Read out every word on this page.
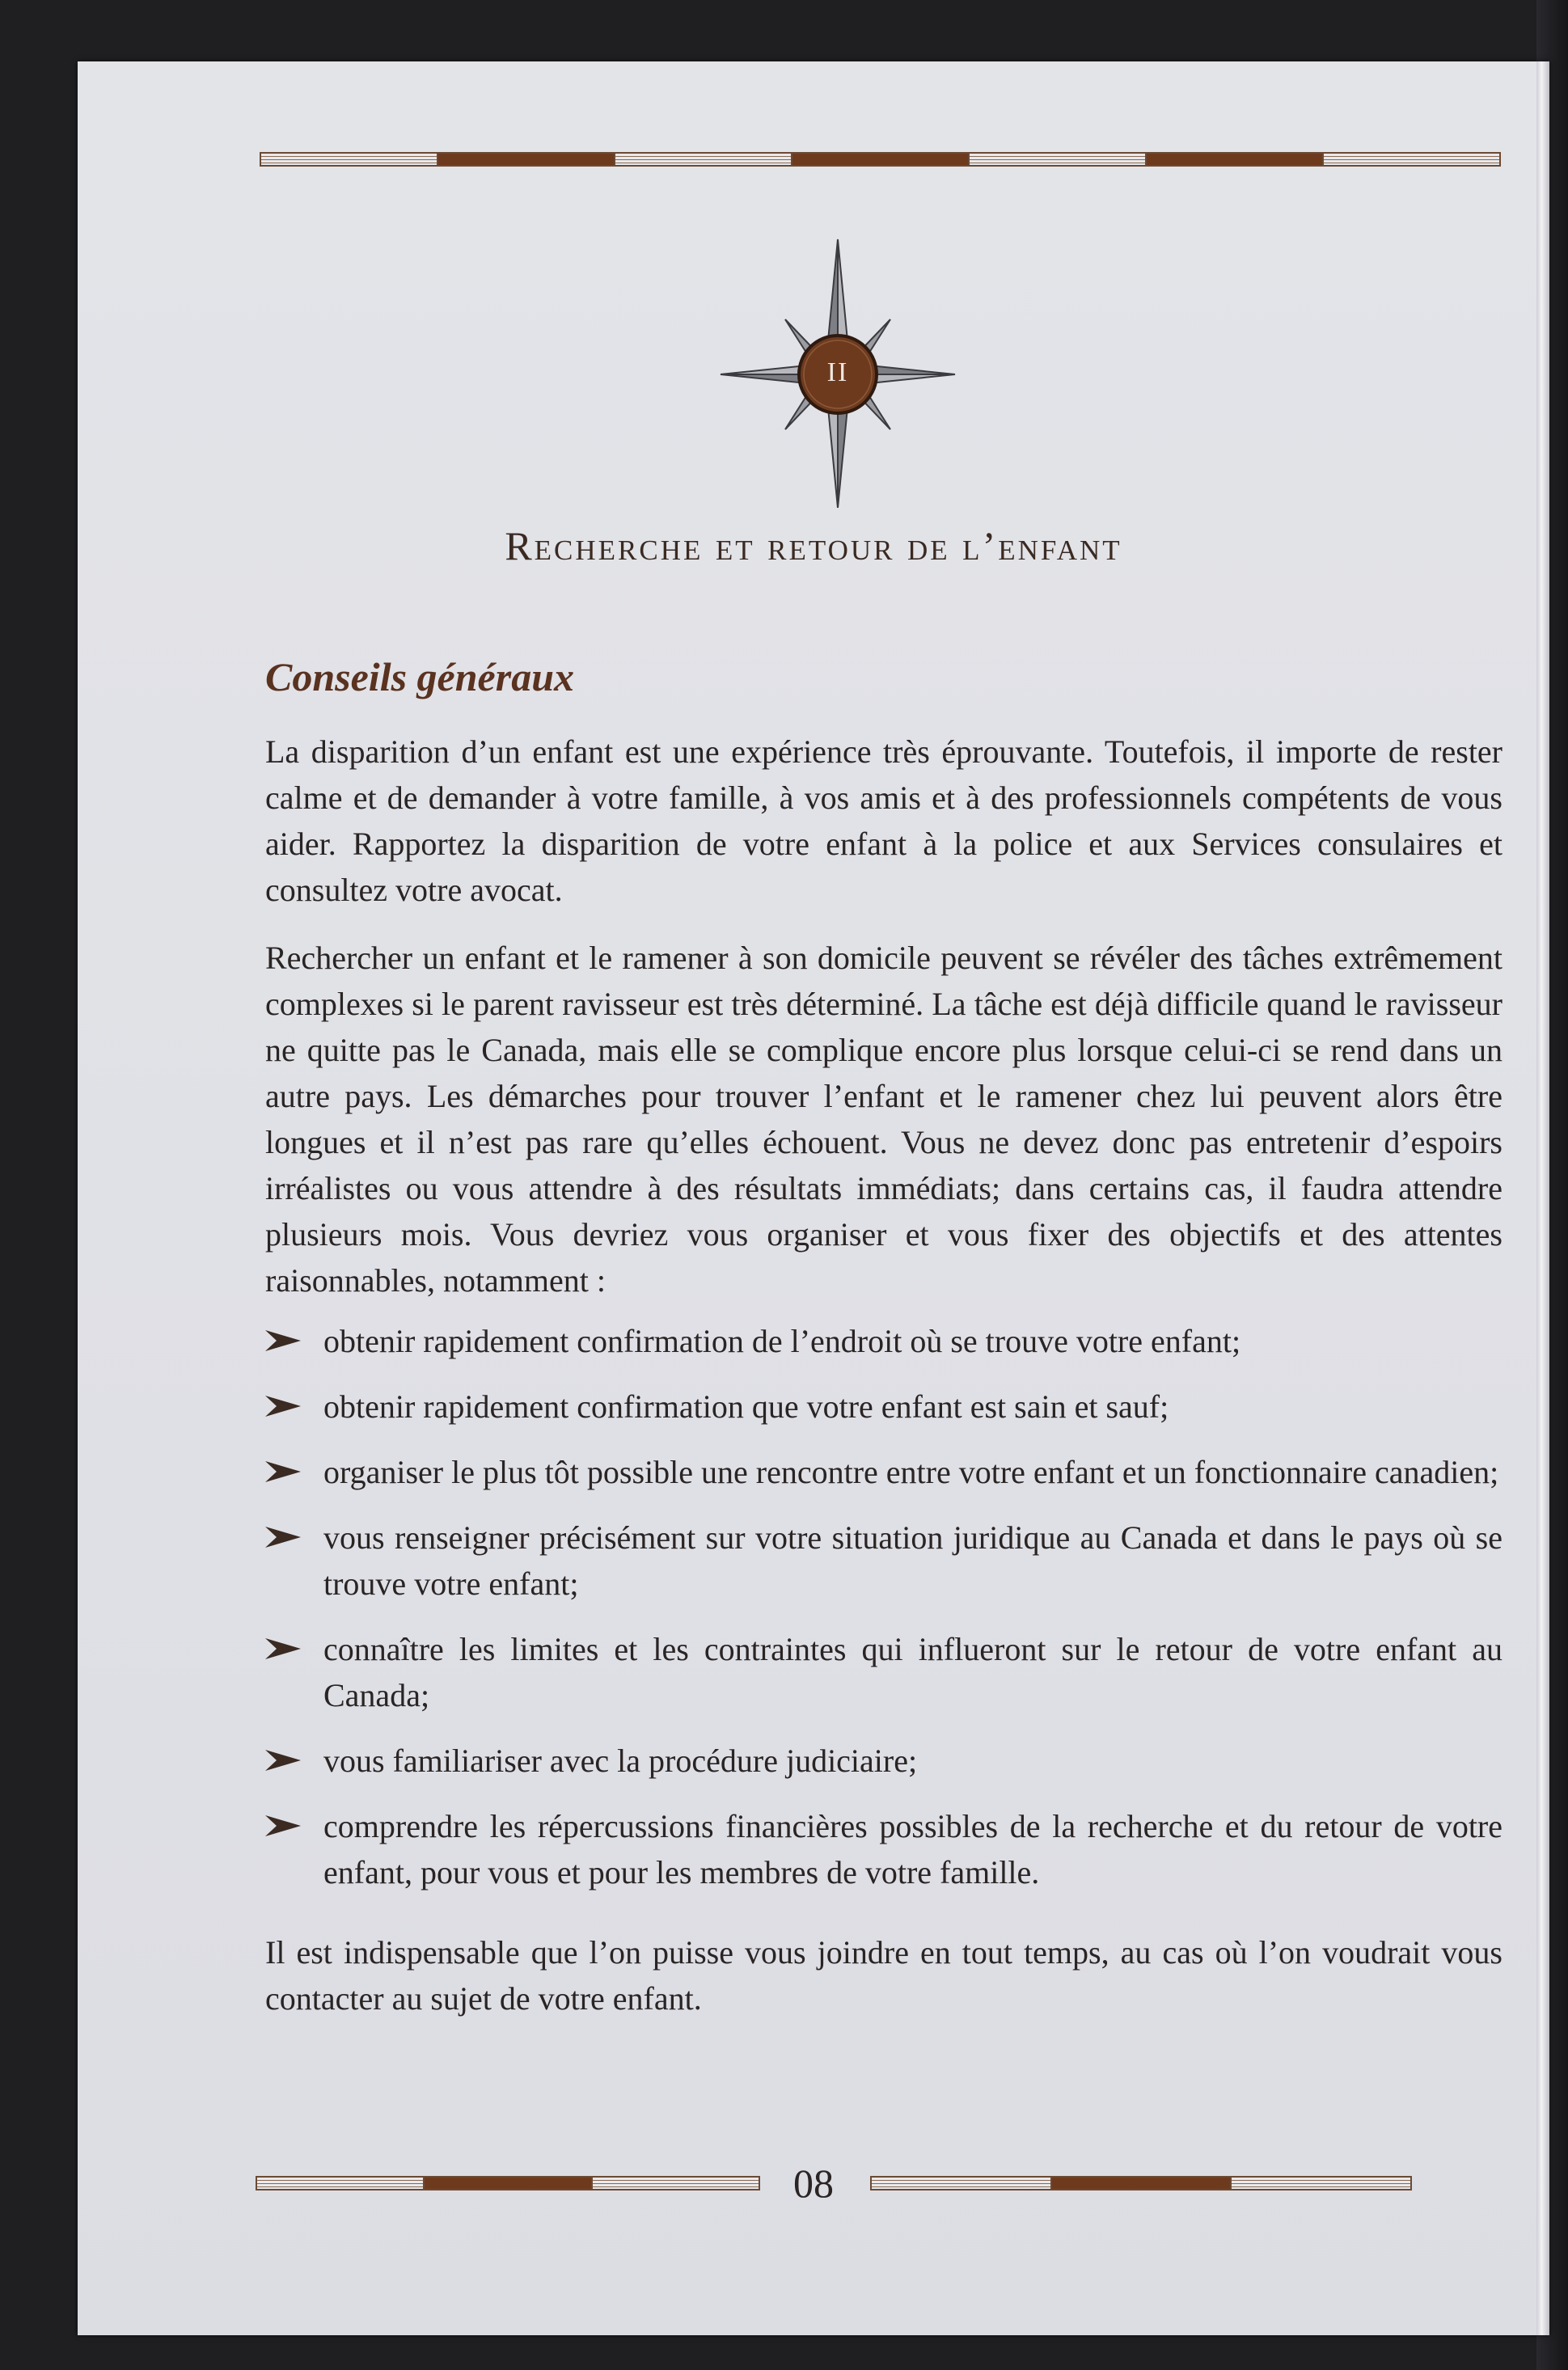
II
Recherche et retour de l’enfant
Conseils généraux

La disparition d’un enfant est une expérience très éprouvante. Toutefois, il importe de rester calme et de demander à votre famille, à vos amis et à des professionnels compétents de vous aider. Rapportez la disparition de votre enfant à la police et aux Services consulaires et consultez votre avocat.

Rechercher un enfant et le ramener à son domicile peuvent se révéler des tâches extrêmement complexes si le parent ravisseur est très déterminé. La tâche est déjà difficile quand le ravisseur ne quitte pas le Canada, mais elle se complique encore plus lorsque celui-ci se rend dans un autre pays. Les démarches pour trouver l’enfant et le ramener chez lui peuvent alors être longues et il n’est pas rare qu’elles échouent. Vous ne devez donc pas entretenir d’espoirs irréalistes ou vous attendre à des résultats immédiats; dans certains cas, il faudra attendre plusieurs mois. Vous devriez vous organiser et vous fixer des objectifs et des attentes raisonnables, notamment :

obtenir rapidement confirmation de l’endroit où se trouve votre enfant;
obtenir rapidement confirmation que votre enfant est sain et sauf;
organiser le plus tôt possible une rencontre entre votre enfant et un fonctionnaire canadien;
vous renseigner précisément sur votre situation juridique au Canada et dans le pays où se trouve votre enfant;
connaître les limites et les contraintes qui influeront sur le retour de votre enfant au Canada;
vous familiariser avec la procédure judiciaire;
comprendre les répercussions financières possibles de la recherche et du retour de votre enfant, pour vous et pour les membres de votre famille.

Il est indispensable que l’on puisse vous joindre en tout temps, au cas où l’on voudrait vous contacter au sujet de votre enfant.

08
